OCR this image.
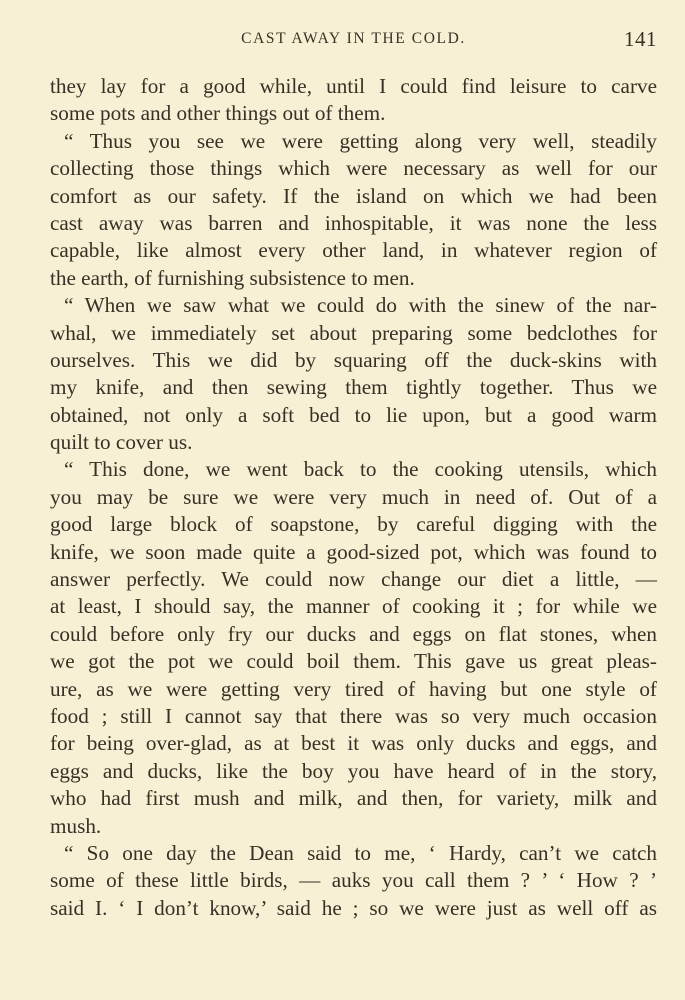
CAST AWAY IN THE COLD.	141
they lay for a good while, until I could find leisure to carve
some pots and other things out of them.
“ Thus you see we were getting along very well, steadily
collecting those things which were necessary as well for our
comfort as our safety. If the island on which we had been
cast away was barren and inhospitable, it was none the less
capable, like almost every other land, in whatever region of
the earth, of furnishing subsistence to men.
“ When we saw what we could do with the sinew of the nar-
whal, we immediately set about preparing some bedclothes for
ourselves. This we did by squaring off the duck-skins with
my knife, and then sewing them tightly together. Thus we
obtained, not only a soft bed to lie upon, but a good warm
quilt to cover us.
“ This done, we went back to the cooking utensils, which
you may be sure we were very much in need of. Out of a
good large block of soapstone, by careful digging with the
knife, we soon made quite a good-sized pot, which was found to
answer perfectly. We could now change our diet a little, —
at least, I should say, the manner of cooking it ; for while we
could before only fry our ducks and eggs on flat stones, when
we got the pot we could boil them. This gave us great pleas-
ure, as we were getting very tired of having but one style of
food ; still I cannot say that there was so very much occasion
for being over-glad, as at best it was only ducks and eggs, and
eggs and ducks, like the boy you have heard of in the story,
who had first mush and milk, and then, for variety, milk and
mush.
“ So one day the Dean said to me, ‘ Hardy, can’t we catch
some of these little birds, — auks you call them ? ’ ‘ How ? ’
said I. ‘ I don’t know,’ said he ; so we were just as well off as
